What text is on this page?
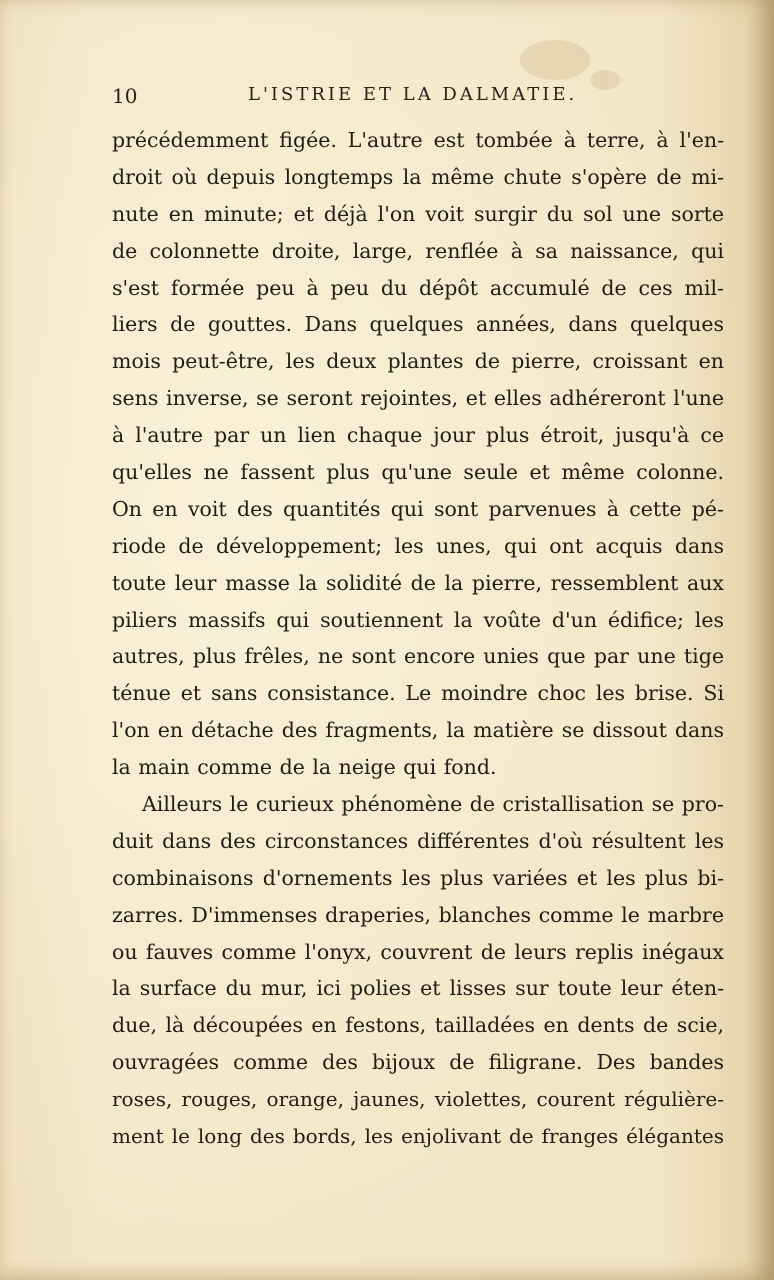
10	L'ISTRIE ET LA DALMATIE.
précédemment figée. L'autre est tombée à terre, à l'en-
droit où depuis longtemps la même chute s'opère de mi-
nute en minute; et déjà l'on voit surgir du sol une sorte
de colonnette droite, large, renflée à sa naissance, qui
s'est formée peu à peu du dépôt accumulé de ces mil-
liers de gouttes. Dans quelques années, dans quelques
mois peut-être, les deux plantes de pierre, croissant en
sens inverse, se seront rejointes, et elles adhéreront l'une
à l'autre par un lien chaque jour plus étroit, jusqu'à ce
qu'elles ne fassent plus qu'une seule et même colonne.
On en voit des quantités qui sont parvenues à cette pé-
riode de développement; les unes, qui ont acquis dans
toute leur masse la solidité de la pierre, ressemblent aux
piliers massifs qui soutiennent la voûte d'un édifice; les
autres, plus frêles, ne sont encore unies que par une tige
ténue et sans consistance. Le moindre choc les brise. Si
l'on en détache des fragments, la matière se dissout dans
la main comme de la neige qui fond.
Ailleurs le curieux phénomène de cristallisation se pro-
duit dans des circonstances différentes d'où résultent les
combinaisons d'ornements les plus variées et les plus bi-
zarres. D'immenses draperies, blanches comme le marbre
ou fauves comme l'onyx, couvrent de leurs replis inégaux
la surface du mur, ici polies et lisses sur toute leur éten-
due, là découpées en festons, tailladées en dents de scie,
ouvragées comme des bijoux de filigrane. Des bandes
roses, rouges, orange, jaunes, violettes, courent régulière-
ment le long des bords, les enjolivant de franges élégantes
